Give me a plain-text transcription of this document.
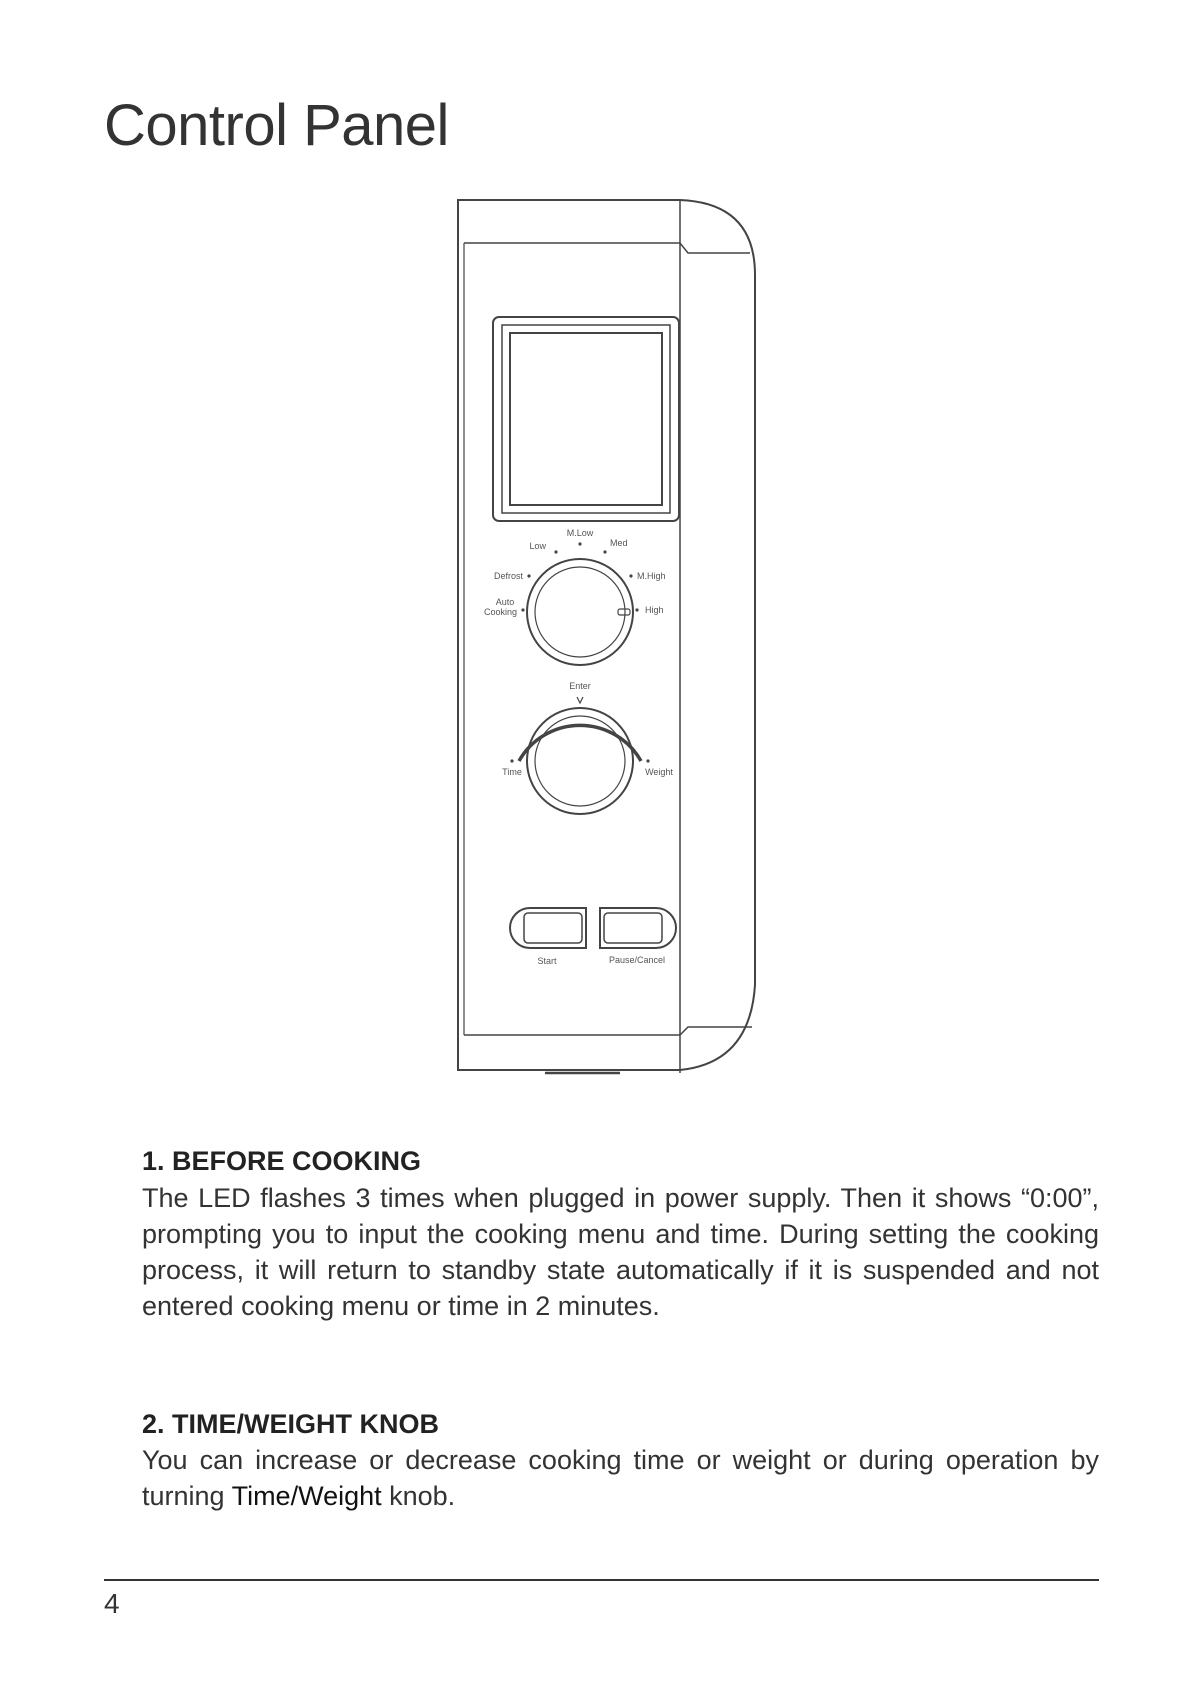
Control Panel
Low
M.Low
Med
Defrost	M.High
Auto
Cooking	High
Enter
Time	Weight
Start	Pause/Cancel
1. BEFORE COOKING
The LED flashes 3 times when plugged in power supply. Then it shows “0:00”, prompting you to input the cooking menu and time. During setting the cooking process, it will return to standby state automatically if it is suspended and not entered cooking menu or time in 2 minutes.
2. TIME/WEIGHT KNOB
You can increase or decrease cooking time or weight or during operation by turning Time/Weight knob.
4
